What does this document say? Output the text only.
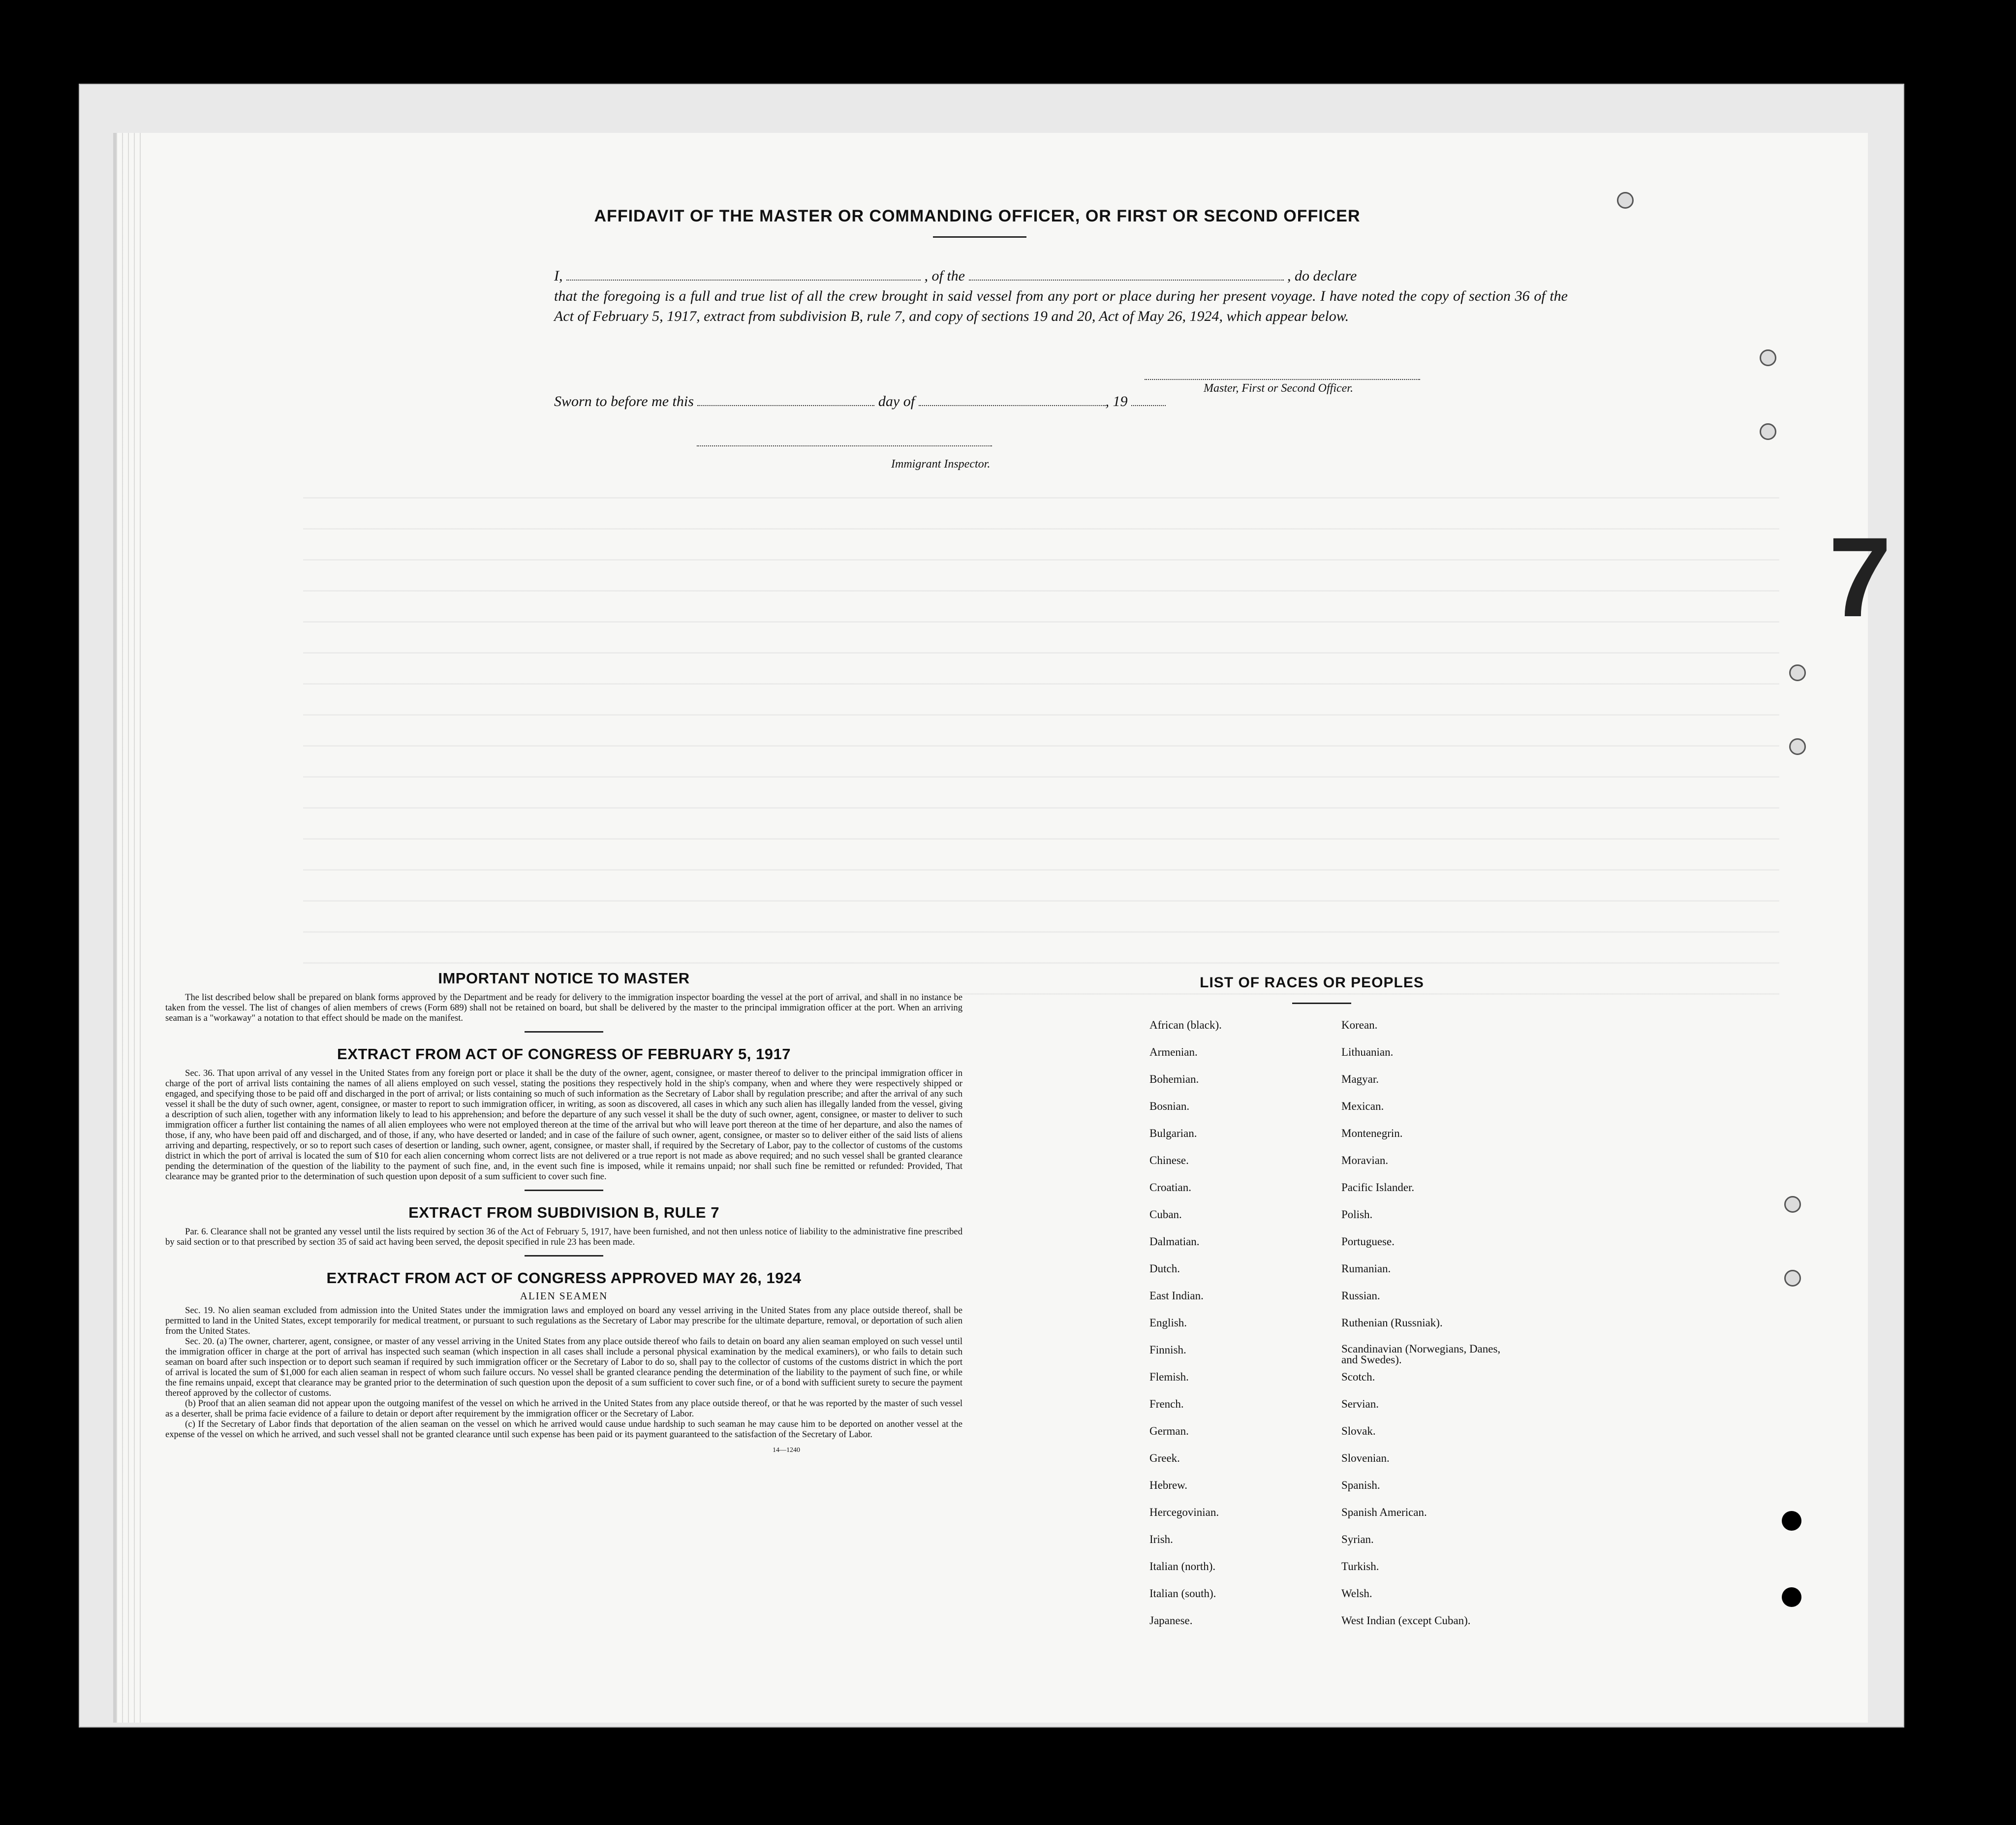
AFFIDAVIT OF THE MASTER OR COMMANDING OFFICER, OR FIRST OR SECOND OFFICER
I,	, of the	, do declare
that the foregoing is a full and true list of all the crew brought in said vessel from any port or place during her present voyage. I have noted the copy of section 36 of the Act of February 5, 1917, extract from subdivision B, rule 7, and copy of sections 19 and 20, Act of May 26, 1924, which appear below.
Master, First or Second Officer.
Sworn to before me this	day of	, 19
Immigrant Inspector.
IMPORTANT NOTICE TO MASTER

The list described below shall be prepared on blank forms approved by the Department and be ready for delivery to the immigration inspector boarding the vessel at the port of arrival, and shall in no instance be taken from the vessel. The list of changes of alien members of crews (Form 689) shall not be retained on board, but shall be delivered by the master to the principal immigration officer at the port. When an arriving seaman is a "workaway" a notation to that effect should be made on the manifest.

EXTRACT FROM ACT OF CONGRESS OF FEBRUARY 5, 1917

Sec. 36. That upon arrival of any vessel in the United States from any foreign port or place it shall be the duty of the owner, agent, consignee, or master thereof to deliver to the principal immigration officer in charge of the port of arrival lists containing the names of all aliens employed on such vessel, stating the positions they respectively hold in the ship's company, when and where they were respectively shipped or engaged, and specifying those to be paid off and discharged in the port of arrival; or lists containing so much of such information as the Secretary of Labor shall by regulation prescribe; and after the arrival of any such vessel it shall be the duty of such owner, agent, consignee, or master to report to such immigration officer, in writing, as soon as discovered, all cases in which any such alien has illegally landed from the vessel, giving a description of such alien, together with any information likely to lead to his apprehension; and before the departure of any such vessel it shall be the duty of such owner, agent, consignee, or master to deliver to such immigration officer a further list containing the names of all alien employees who were not employed thereon at the time of the arrival but who will leave port thereon at the time of her departure, and also the names of those, if any, who have been paid off and discharged, and of those, if any, who have deserted or landed; and in case of the failure of such owner, agent, consignee, or master so to deliver either of the said lists of aliens arriving and departing, respectively, or so to report such cases of desertion or landing, such owner, agent, consignee, or master shall, if required by the Secretary of Labor, pay to the collector of customs of the customs district in which the port of arrival is located the sum of $10 for each alien concerning whom correct lists are not delivered or a true report is not made as above required; and no such vessel shall be granted clearance pending the determination of the question of the liability to the payment of such fine, and, in the event such fine is imposed, while it remains unpaid; nor shall such fine be remitted or refunded: Provided, That clearance may be granted prior to the determination of such question upon deposit of a sum sufficient to cover such fine.

EXTRACT FROM SUBDIVISION B, RULE 7

Par. 6. Clearance shall not be granted any vessel until the lists required by section 36 of the Act of February 5, 1917, have been furnished, and not then unless notice of liability to the administrative fine prescribed by said section or to that prescribed by section 35 of said act having been served, the deposit specified in rule 23 has been made.

EXTRACT FROM ACT OF CONGRESS APPROVED MAY 26, 1924
ALIEN SEAMEN

Sec. 19. No alien seaman excluded from admission into the United States under the immigration laws and employed on board any vessel arriving in the United States from any place outside thereof, shall be permitted to land in the United States, except temporarily for medical treatment, or pursuant to such regulations as the Secretary of Labor may prescribe for the ultimate departure, removal, or deportation of such alien from the United States.

Sec. 20. (a) The owner, charterer, agent, consignee, or master of any vessel arriving in the United States from any place outside thereof who fails to detain on board any alien seaman employed on such vessel until the immigration officer in charge at the port of arrival has inspected such seaman (which inspection in all cases shall include a personal physical examination by the medical examiners), or who fails to detain such seaman on board after such inspection or to deport such seaman if required by such immigration officer or the Secretary of Labor to do so, shall pay to the collector of customs of the customs district in which the port of arrival is located the sum of $1,000 for each alien seaman in respect of whom such failure occurs. No vessel shall be granted clearance pending the determination of the liability to the payment of such fine, or while the fine remains unpaid, except that clearance may be granted prior to the determination of such question upon the deposit of a sum sufficient to cover such fine, or of a bond with sufficient surety to secure the payment thereof approved by the collector of customs.

(b) Proof that an alien seaman did not appear upon the outgoing manifest of the vessel on which he arrived in the United States from any place outside thereof, or that he was reported by the master of such vessel as a deserter, shall be prima facie evidence of a failure to detain or deport after requirement by the immigration officer or the Secretary of Labor.

(c) If the Secretary of Labor finds that deportation of the alien seaman on the vessel on which he arrived would cause undue hardship to such seaman he may cause him to be deported on another vessel at the expense of the vessel on which he arrived, and such vessel shall not be granted clearance until such expense has been paid or its payment guaranteed to the satisfaction of the Secretary of Labor.

14—1240
LIST OF RACES OR PEOPLES
African (black).	Korean.
Armenian.	Lithuanian.
Bohemian.	Magyar.
Bosnian.	Mexican.
Bulgarian.	Montenegrin.
Chinese.	Moravian.
Croatian.	Pacific Islander.
Cuban.	Polish.
Dalmatian.	Portuguese.
Dutch.	Rumanian.
East Indian.	Russian.
English.	Ruthenian (Russniak).
Finnish.	Scandinavian (Norwegians, Danes, and Swedes).
Flemish.	Scotch.
French.	Servian.
German.	Slovak.
Greek.	Slovenian.
Hebrew.	Spanish.
Hercegovinian.	Spanish American.
Irish.	Syrian.
Italian (north).	Turkish.
Italian (south).	Welsh.
Japanese.	West Indian (except Cuban).
7
